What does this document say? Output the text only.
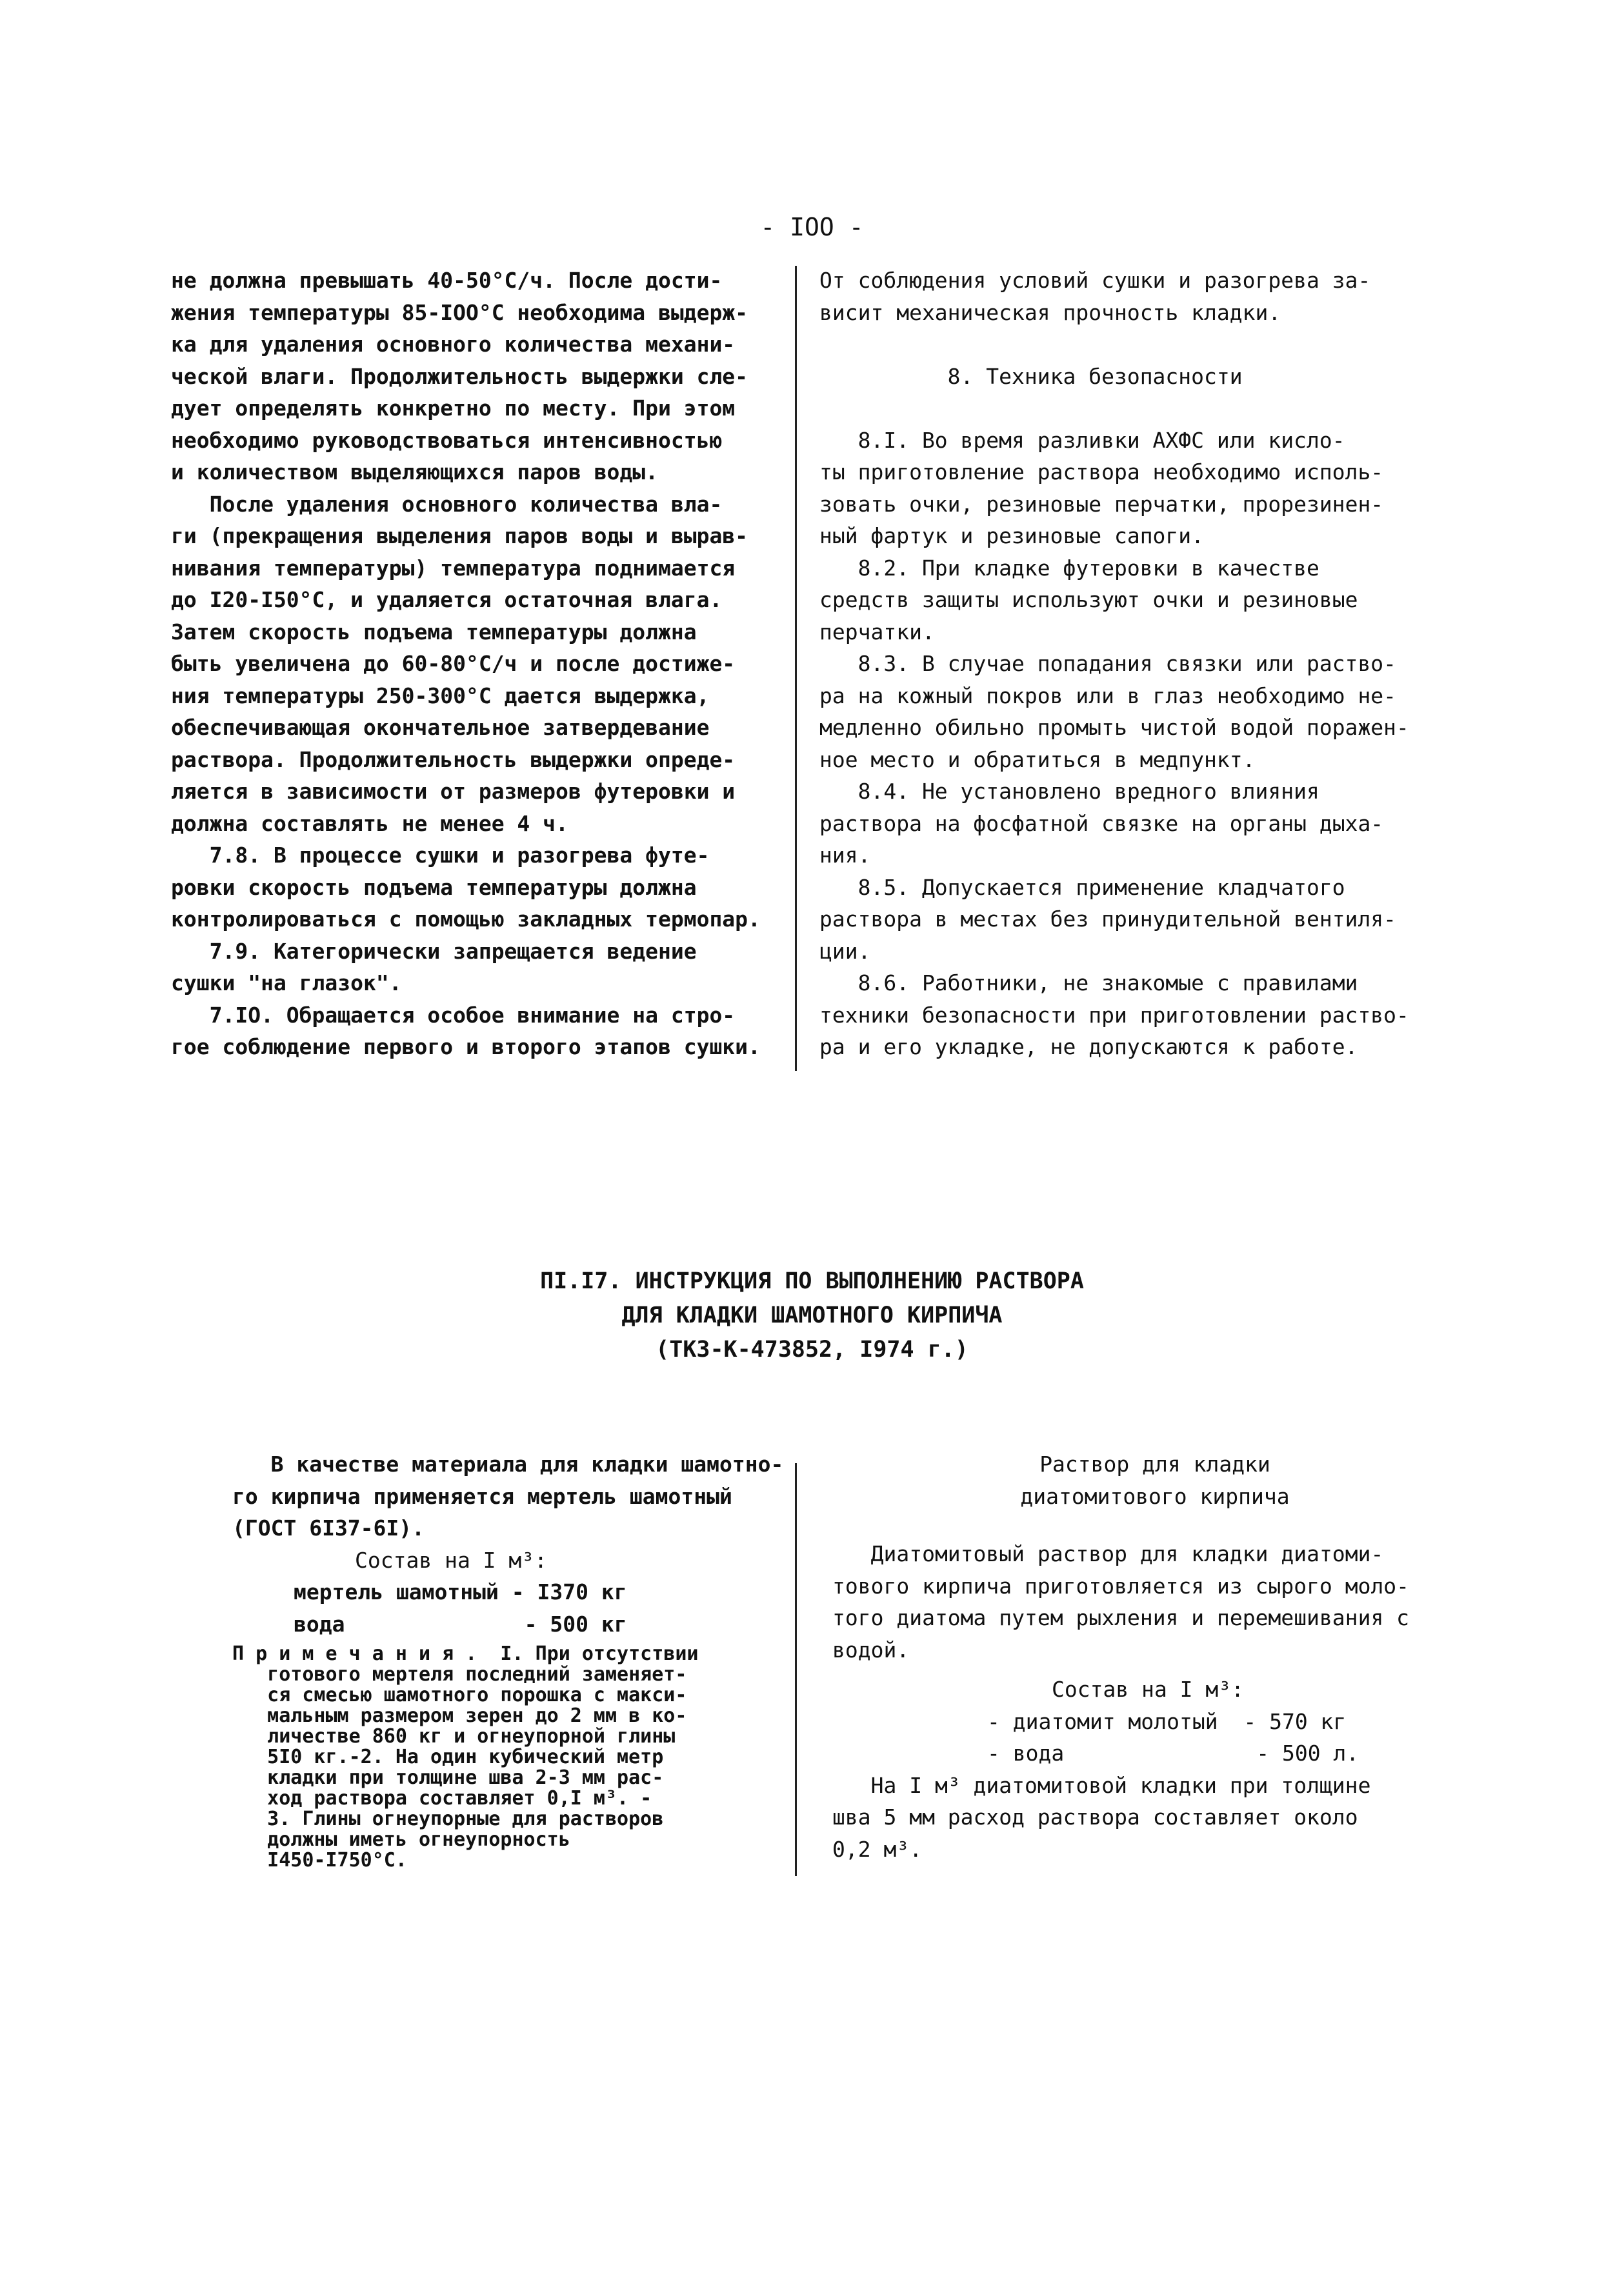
- IOO -
не должна превышать 40-50°С/ч. После дости-
жения температуры 85-IOO°С необходима выдерж-
ка для удаления основного количества механи-
ческой влаги. Продолжительность выдержки сле-
дует определять конкретно по месту. При этом
необходимо руководствоваться интенсивностью
и количеством выделяющихся паров воды.
После удаления основного количества вла-
ги (прекращения выделения паров воды и вырав-
нивания температуры) температура поднимается
до I20-I50°С, и удаляется остаточная влага.
Затем скорость подъема температуры должна
быть увеличена до 60-80°С/ч и после достиже-
ния температуры 250-300°С дается выдержка,
обеспечивающая окончательное затвердевание
раствора. Продолжительность выдержки опреде-
ляется в зависимости от размеров футеровки и
должна составлять не менее 4 ч.
7.8. В процессе сушки и разогрева футе-
ровки скорость подъема температуры должна
контролироваться с помощью закладных термопар.
7.9. Категорически запрещается ведение
сушки "на глазок".
7.IO. Обращается особое внимание на стро-
гое соблюдение первого и второго этапов сушки.
От соблюдения условий сушки и разогрева за-
висит механическая прочность кладки.
8. Техника безопасности
8.I. Во время разливки АХФС или кисло-
ты приготовление раствора необходимо исполь-
зовать очки, резиновые перчатки, прорезинен-
ный фартук и резиновые сапоги.
8.2. При кладке футеровки в качестве
средств защиты используют очки и резиновые
перчатки.
8.3. В случае попадания связки или раство-
ра на кожный покров или в глаз необходимо не-
медленно обильно промыть чистой водой поражен-
ное место и обратиться в медпункт.
8.4. Не установлено вредного влияния
раствора на фосфатной связке на органы дыха-
ния.
8.5. Допускается применение кладчатого
раствора в местах без принудительной вентиля-
ции.
8.6. Работники, не знакомые с правилами
техники безопасности при приготовлении раство-
ра и его укладке, не допускаются к работе.
ПI.I7. ИНСТРУКЦИЯ ПО ВЫПОЛНЕНИЮ РАСТВОРА
ДЛЯ КЛАДКИ ШАМОТНОГО КИРПИЧА
(ТКЗ-К-473852, I974 г.)
В качестве материала для кладки шамотно-
го кирпича применяется мертель шамотный
(ГОСТ 6I37-6I).
Состав на I м³:
мертель шамотный - I370 кг
вода              - 500 кг
П р и м е ч а н и я .  I. При отсутствии
готового мертеля последний заменяет-
ся смесью шамотного порошка с макси-
мальным размером зерен до 2 мм в ко-
личестве 860 кг и огнеупорной глины
5I0 кг.-2. На один кубический метр
кладки при толщине шва 2-3 мм рас-
ход раствора составляет 0,I м³. -
3. Глины огнеупорные для растворов
должны иметь огнеупорность
I450-I750°С.
Раствор для кладки
диатомитового кирпича
Диатомитовый раствор для кладки диатоми-
тового кирпича приготовляется из сырого моло-
того диатома путем рыхления и перемешивания с
водой.
Состав на I м³:
- диатомит молотый  - 570 кг
- вода               - 500 л.
На I м³ диатомитовой кладки при толщине
шва 5 мм расход раствора составляет около
0,2 м³.
